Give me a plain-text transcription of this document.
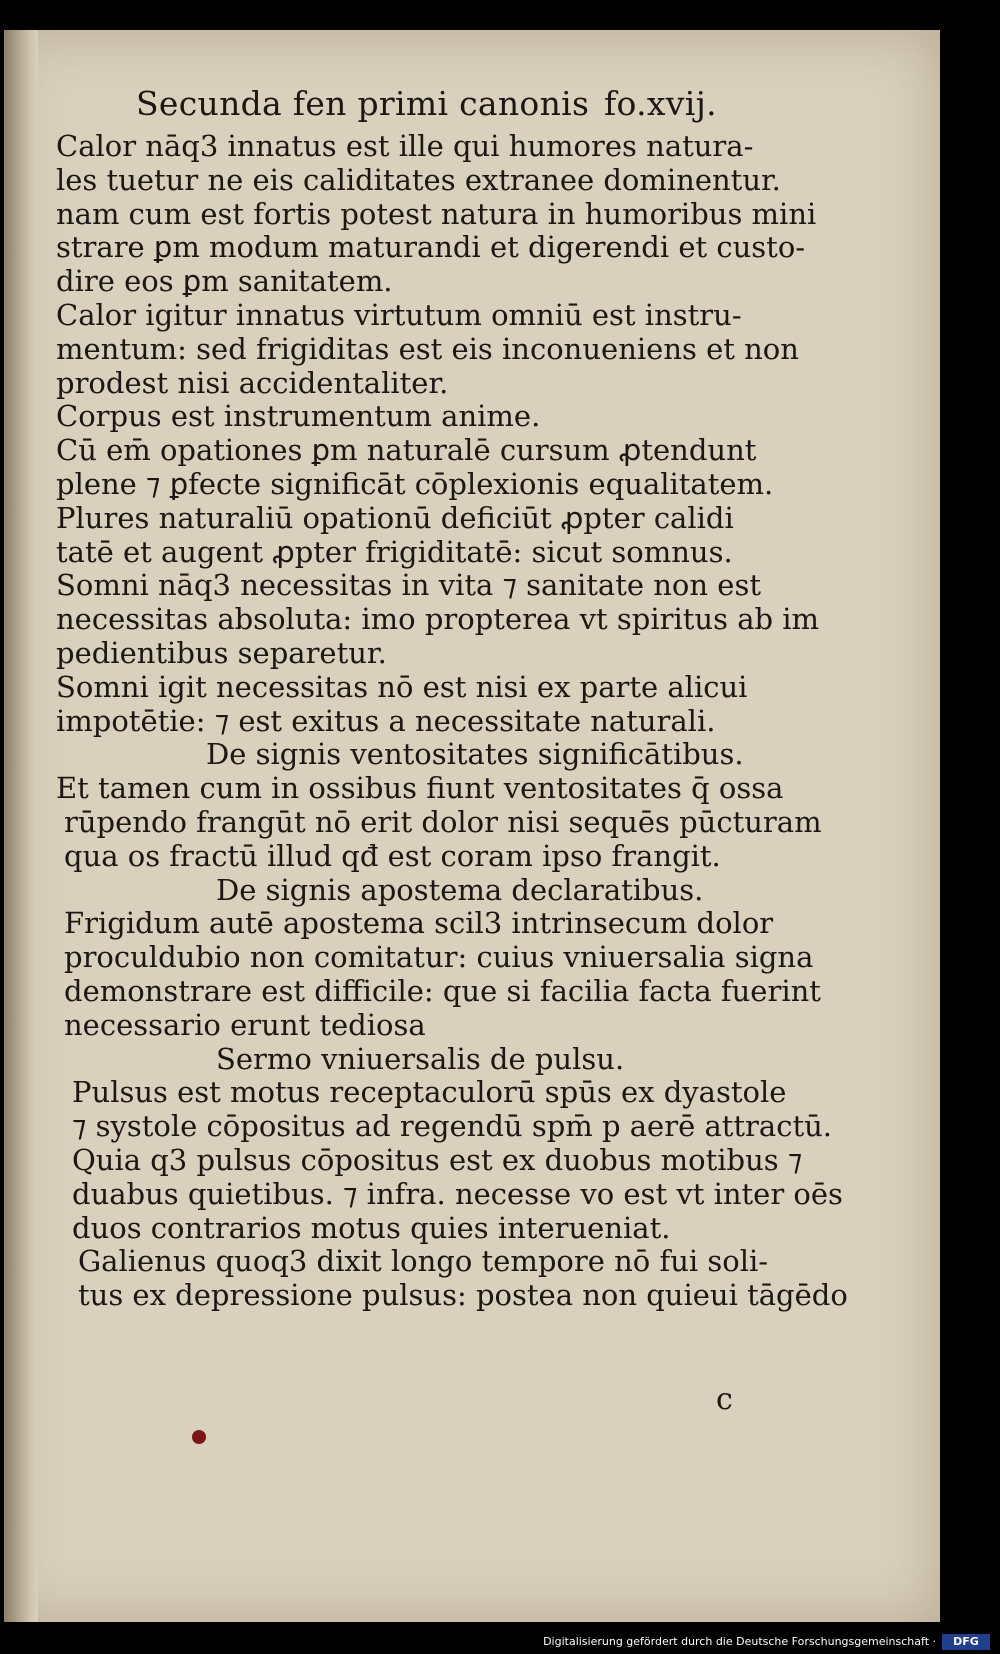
Secunda fen primi canonis fo.xvij.
Calor nāq3 innatus est ille qui humores natura-
les tuetur ne eis caliditates extranee dominentur.
nam cum est fortis potest natura in humoribus mini
strare ꝑm modum maturandi et digerendi et custo-
dire eos ꝑm sanitatem.
Calor igitur innatus virtutum omniū est instru-
mentum: sed frigiditas est eis inconueniens et non
prodest nisi accidentaliter.
Corpus est instrumentum anime.
Cū em̄ opationes ꝑm naturalē cursum ꝓtendunt
plene ⁊ ꝑfecte significāt cōplexionis equalitatem.
Plures naturaliū opationū deficiūt ꝓpter calidi
tatē et augent ꝓpter frigiditatē: sicut somnus.
Somni nāq3 necessitas in vita ⁊ sanitate non est
necessitas absoluta: imo propterea vt spiritus ab im
pedientibus separetur.
Somni igit necessitas nō est nisi ex parte alicui
impotētie: ⁊ est exitus a necessitate naturali.
De signis ventositates significātibus.
Et tamen cum in ossibus fiunt ventositates q̄ ossa
rūpendo frangūt nō erit dolor nisi sequēs pūcturam
qua os fractū illud qđ est coram ipso frangit.
De signis apostema declaratibus.
Frigidum autē apostema scil3 intrinsecum dolor
proculdubio non comitatur: cuius vniuersalia signa
demonstrare est difficile: que si facilia facta fuerint
necessario erunt tediosa
Sermo vniuersalis de pulsu.
Pulsus est motus receptaculorū spūs ex dyastole
⁊ systole cōpositus ad regendū spm̄ p aerē attractū.
Quia q3 pulsus cōpositus est ex duobus motibus ⁊
duabus quietibus. ⁊ infra. necesse vo est vt inter oēs
duos contrarios motus quies interueniat.
Galienus quoq3 dixit longo tempore nō fui soli-
tus ex depressione pulsus: postea non quieui tāgēdo
c
Digitalisierung gefördert durch die Deutsche Forschungsgemeinschaft ·	DFG
